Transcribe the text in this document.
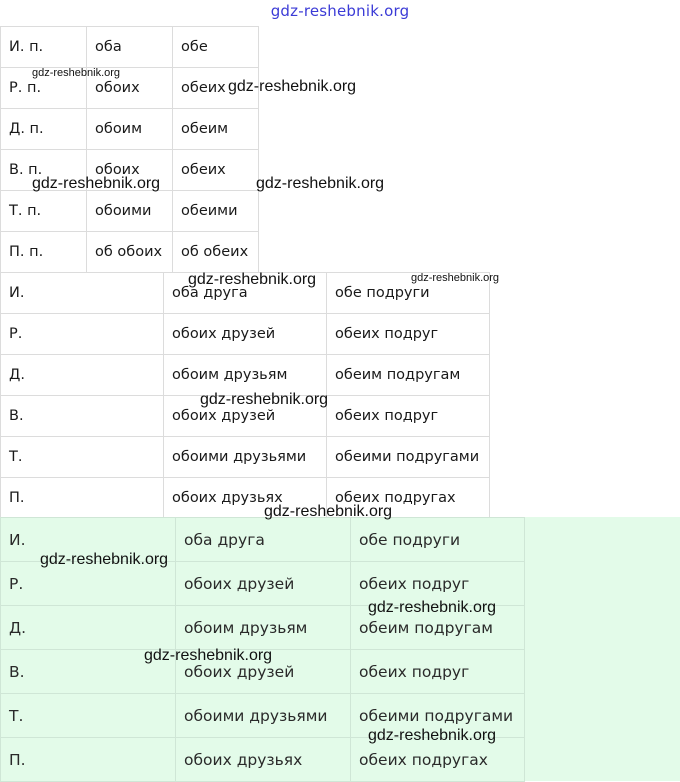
gdz-reshebnik.org
И. п.	оба	обе
Р. п.	обоих	обеих
Д. п.	обоим	обеим
В. п.	обоих	обеих
Т. п.	обоими	обеими
П. п.	об обоих	об обеих
И.	оба друга	обе подруги
Р.	обоих друзей	обеих подруг
Д.	обоим друзьям	обеим подругам
В.	обоих друзей	обеих подруг
Т.	обоими друзьями	обеими подругами
П.	обоих друзьях	обеих подругах
И.	оба друга	обе подруги
Р.	обоих друзей	обеих подруг
Д.	обоим друзьям	обеим подругам
В.	обоих друзей	обеих подруг
Т.	обоими друзьями	обеими подругами
П.	обоих друзьях	обеих подругах
gdz-reshebnik.org
gdz-reshebnik.org
gdz-reshebnik.org	gdz-reshebnik.org
gdz-reshebnik.org	gdz-reshebnik.org
gdz-reshebnik.org
gdz-reshebnik.org
gdz-reshebnik.org
gdz-reshebnik.org
gdz-reshebnik.org
gdz-reshebnik.org
